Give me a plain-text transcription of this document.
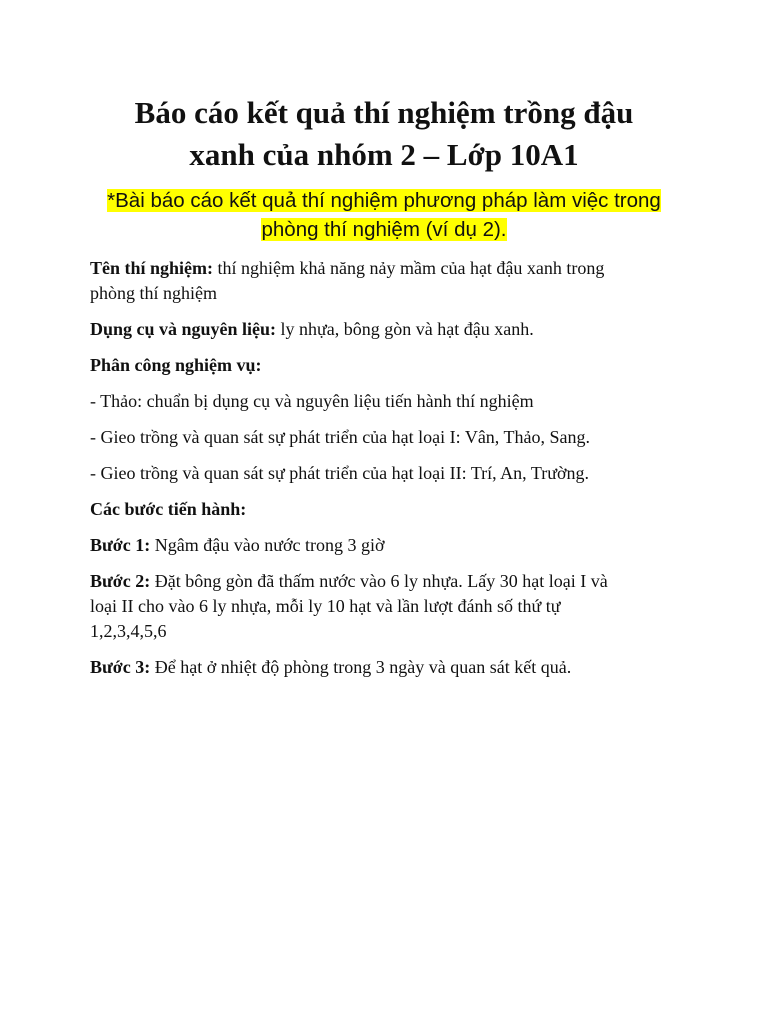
Báo cáo kết quả thí nghiệm trồng đậu
xanh của nhóm 2 – Lớp 10A1

*Bài báo cáo kết quả thí nghiệm phương pháp làm việc trong
phòng thí nghiệm (ví dụ 2).

Tên thí nghiệm: thí nghiệm khả năng nảy mầm của hạt đậu xanh trong
phòng thí nghiệm

Dụng cụ và nguyên liệu: ly nhựa, bông gòn và hạt đậu xanh.

Phân công nghiệm vụ:

- Thảo: chuẩn bị dụng cụ và nguyên liệu tiến hành thí nghiệm

- Gieo trồng và quan sát sự phát triển của hạt loại I: Vân, Thảo, Sang.

- Gieo trồng và quan sát sự phát triển của hạt loại II: Trí, An, Trường.

Các bước tiến hành:

Bước 1: Ngâm đậu vào nước trong 3 giờ

Bước 2: Đặt bông gòn đã thấm nước vào 6 ly nhựa. Lấy 30 hạt loại I và
loại II cho vào 6 ly nhựa, mỗi ly 10 hạt và lần lượt đánh số thứ tự
1,2,3,4,5,6

Bước 3: Để hạt ở nhiệt độ phòng trong 3 ngày và quan sát kết quả.
